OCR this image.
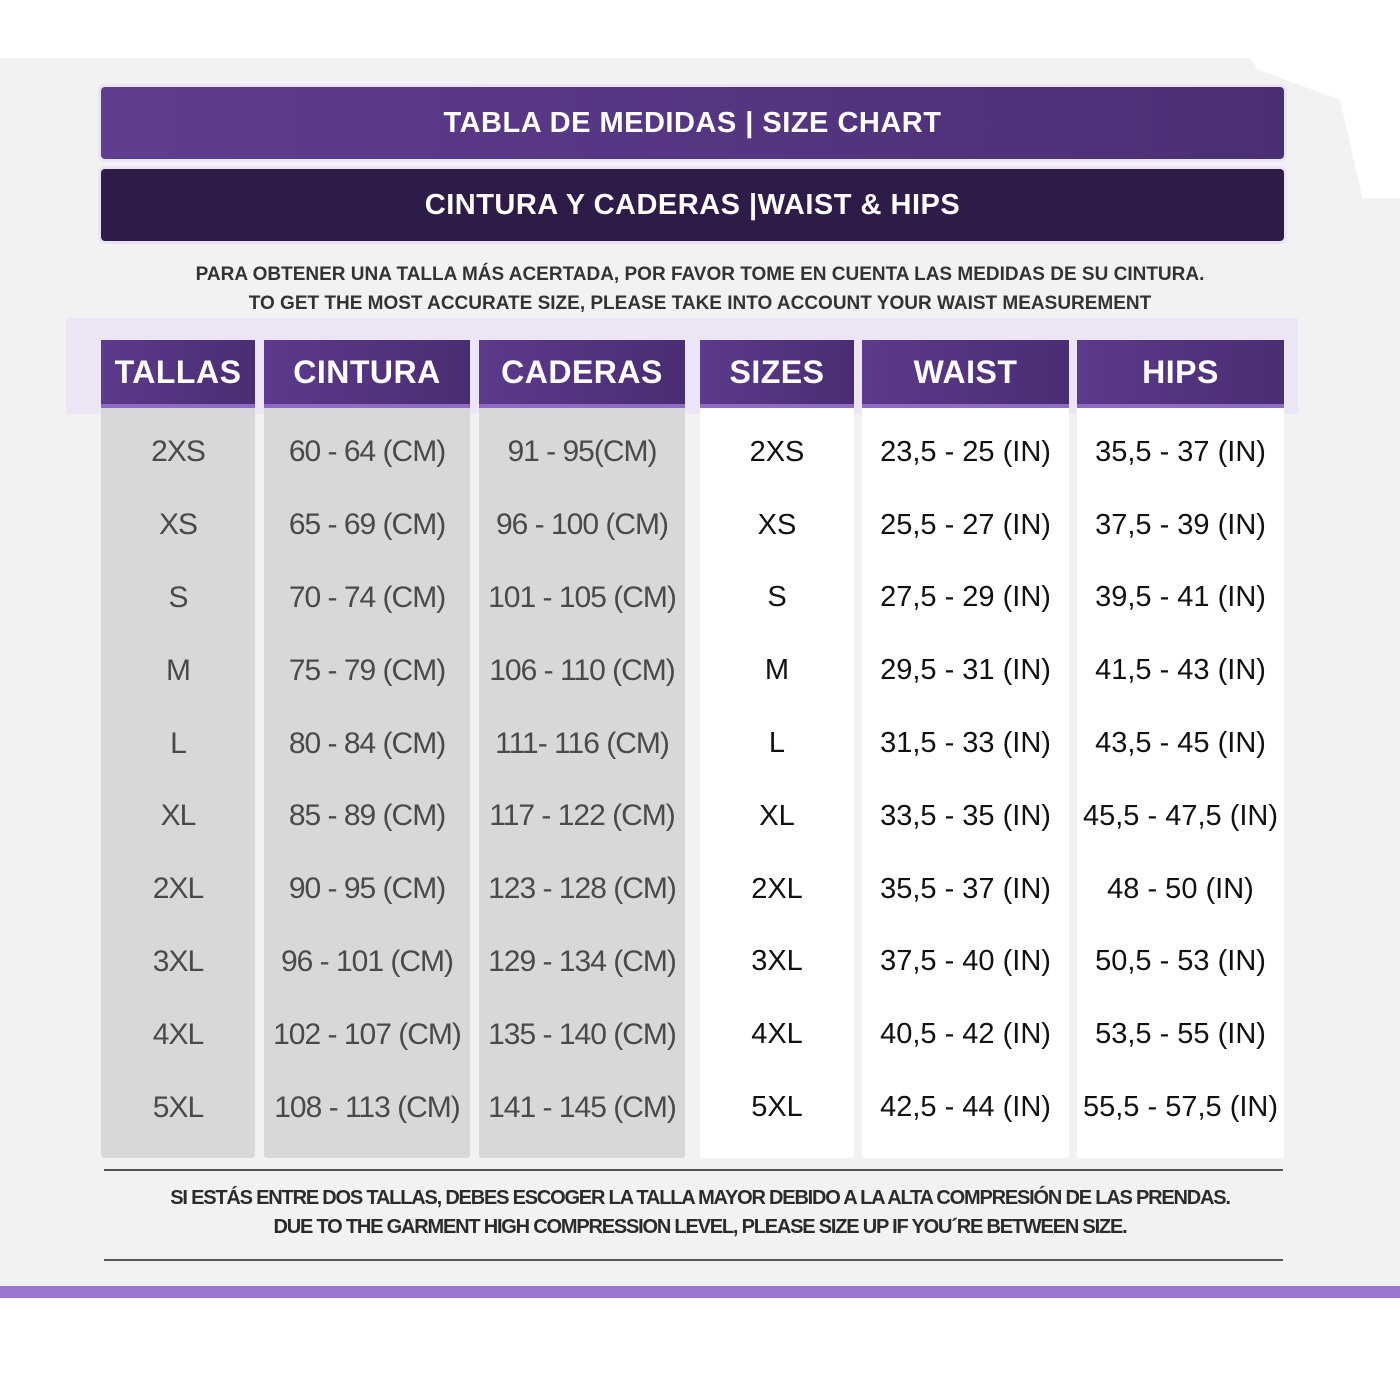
TABLA DE MEDIDAS | SIZE CHART
CINTURA Y CADERAS |WAIST & HIPS
PARA OBTENER UNA TALLA MÁS ACERTADA, POR FAVOR TOME EN CUENTA LAS MEDIDAS DE SU CINTURA.
TO GET THE MOST ACCURATE SIZE, PLEASE TAKE INTO ACCOUNT YOUR WAIST MEASUREMENT
TALLAS
2XS
XS
S
M
L
XL
2XL
3XL
4XL
5XL
CINTURA
60 - 64 (CM)
65 - 69 (CM)
70 - 74 (CM)
75 - 79 (CM)
80 - 84 (CM)
85 - 89 (CM)
90 - 95 (CM)
96 - 101 (CM)
102 - 107 (CM)
108 - 113 (CM)
CADERAS
91 - 95(CM)
96 - 100 (CM)
101 - 105 (CM)
106 - 110 (CM)
111- 116 (CM)
117 - 122 (CM)
123 - 128 (CM)
129 - 134 (CM)
135 - 140 (CM)
141 - 145 (CM)
SIZES
2XS
XS
S
M
L
XL
2XL
3XL
4XL
5XL
WAIST
23,5 - 25 (IN)
25,5 - 27 (IN)
27,5 - 29 (IN)
29,5 - 31 (IN)
31,5 - 33 (IN)
33,5 - 35 (IN)
35,5 - 37 (IN)
37,5 - 40 (IN)
40,5 - 42 (IN)
42,5 - 44 (IN)
HIPS
35,5 - 37 (IN)
37,5 - 39 (IN)
39,5 - 41 (IN)
41,5 - 43 (IN)
43,5 - 45 (IN)
45,5 - 47,5 (IN)
48 - 50 (IN)
50,5 - 53 (IN)
53,5 - 55 (IN)
55,5 - 57,5 (IN)
SI ESTÁS ENTRE DOS TALLAS, DEBES ESCOGER LA TALLA MAYOR DEBIDO A LA ALTA COMPRESIÓN DE LAS PRENDAS.
DUE TO THE GARMENT HIGH COMPRESSION LEVEL, PLEASE SIZE UP IF YOU´RE BETWEEN SIZE.
